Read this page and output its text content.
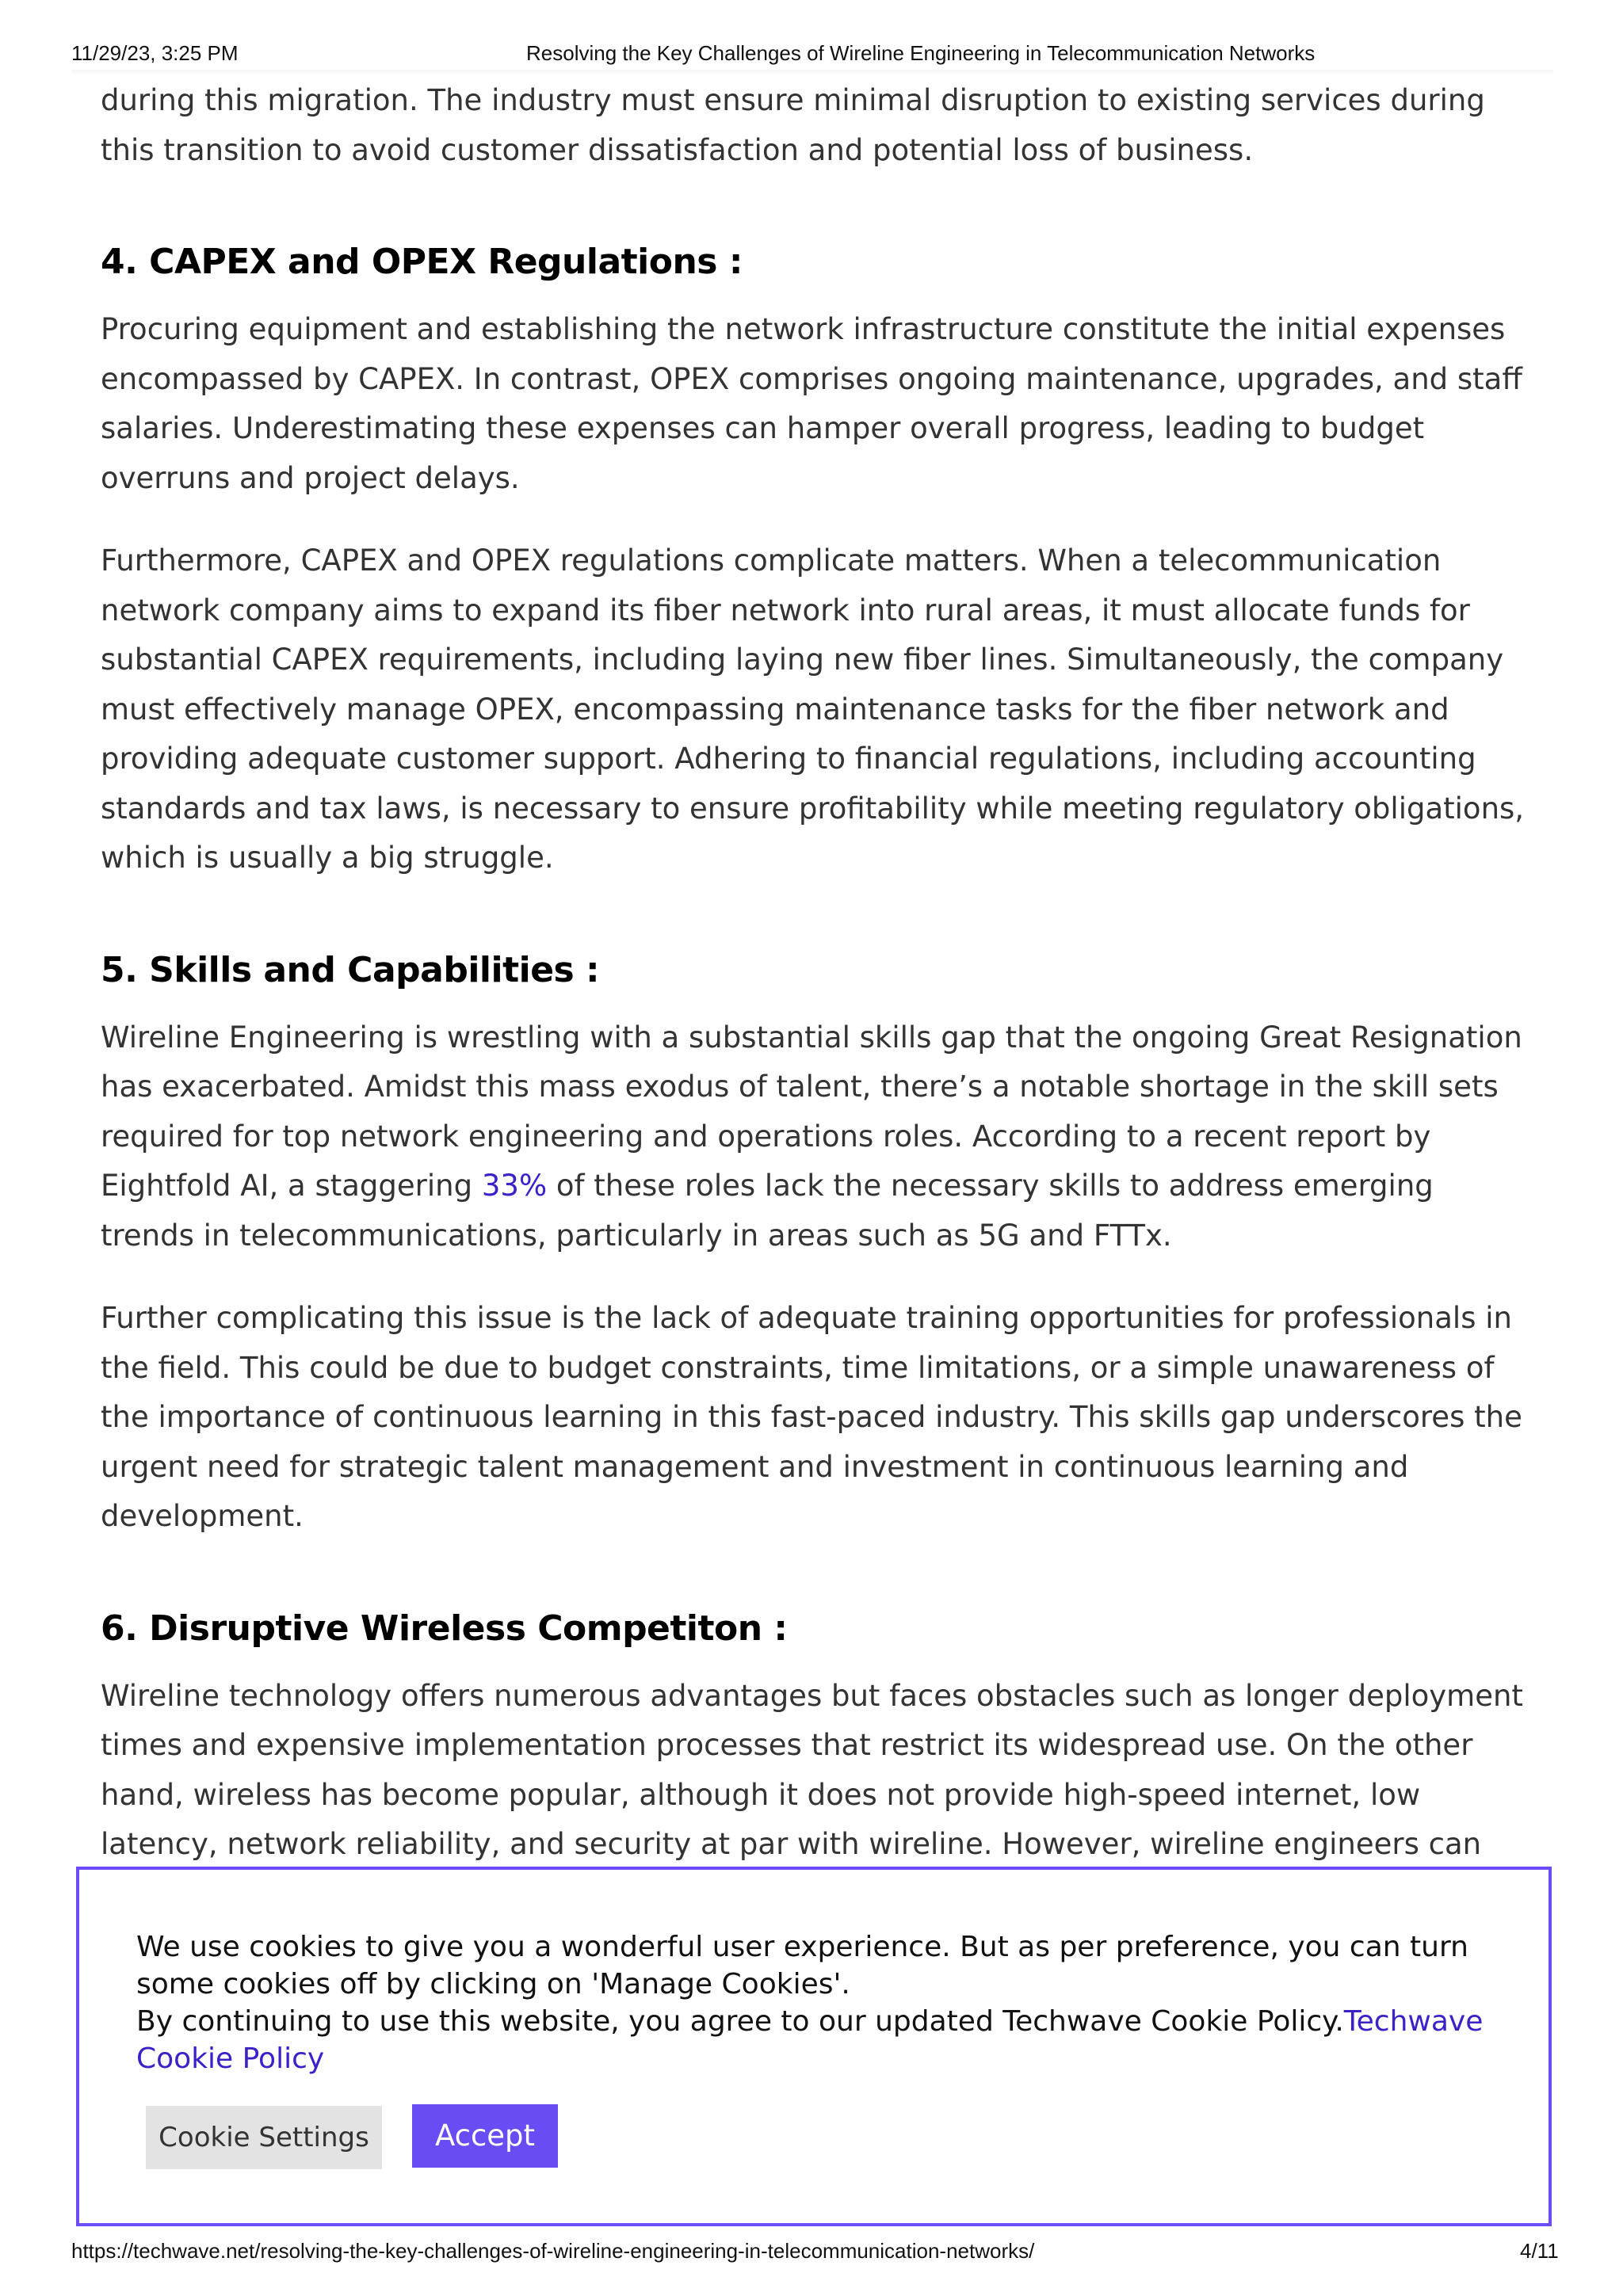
11/29/23, 3:25 PM	Resolving the Key Challenges of Wireline Engineering in Telecommunication Networks

during this migration. The industry must ensure minimal disruption to existing services during this transition to avoid customer dissatisfaction and potential loss of business.

4. CAPEX and OPEX Regulations :

Procuring equipment and establishing the network infrastructure constitute the initial expenses encompassed by CAPEX. In contrast, OPEX comprises ongoing maintenance, upgrades, and staff salaries. Underestimating these expenses can hamper overall progress, leading to budget overruns and project delays.

Furthermore, CAPEX and OPEX regulations complicate matters. When a telecommunication network company aims to expand its fiber network into rural areas, it must allocate funds for substantial CAPEX requirements, including laying new fiber lines. Simultaneously, the company must effectively manage OPEX, encompassing maintenance tasks for the fiber network and providing adequate customer support. Adhering to financial regulations, including accounting standards and tax laws, is necessary to ensure profitability while meeting regulatory obligations, which is usually a big struggle.

5. Skills and Capabilities :

Wireline Engineering is wrestling with a substantial skills gap that the ongoing Great Resignation has exacerbated. Amidst this mass exodus of talent, there’s a notable shortage in the skill sets required for top network engineering and operations roles. According to a recent report by Eightfold AI, a staggering 33% of these roles lack the necessary skills to address emerging trends in telecommunications, particularly in areas such as 5G and FTTx.

Further complicating this issue is the lack of adequate training opportunities for professionals in the field. This could be due to budget constraints, time limitations, or a simple unawareness of the importance of continuous learning in this fast-paced industry. This skills gap underscores the urgent need for strategic talent management and investment in continuous learning and development.

6. Disruptive Wireless Competiton :

Wireline technology offers numerous advantages but faces obstacles such as longer deployment times and expensive implementation processes that restrict its widespread use. On the other hand, wireless has become popular, although it does not provide high-speed internet, low latency, network reliability, and security at par with wireline. However, wireline engineers can

We use cookies to give you a wonderful user experience. But as per preference, you can turn some cookies off by clicking on 'Manage Cookies'.
By continuing to use this website, you agree to our updated Techwave Cookie Policy.Techwave Cookie Policy
Cookie Settings	Accept
https://techwave.net/resolving-the-key-challenges-of-wireline-engineering-in-telecommunication-networks/	4/11
